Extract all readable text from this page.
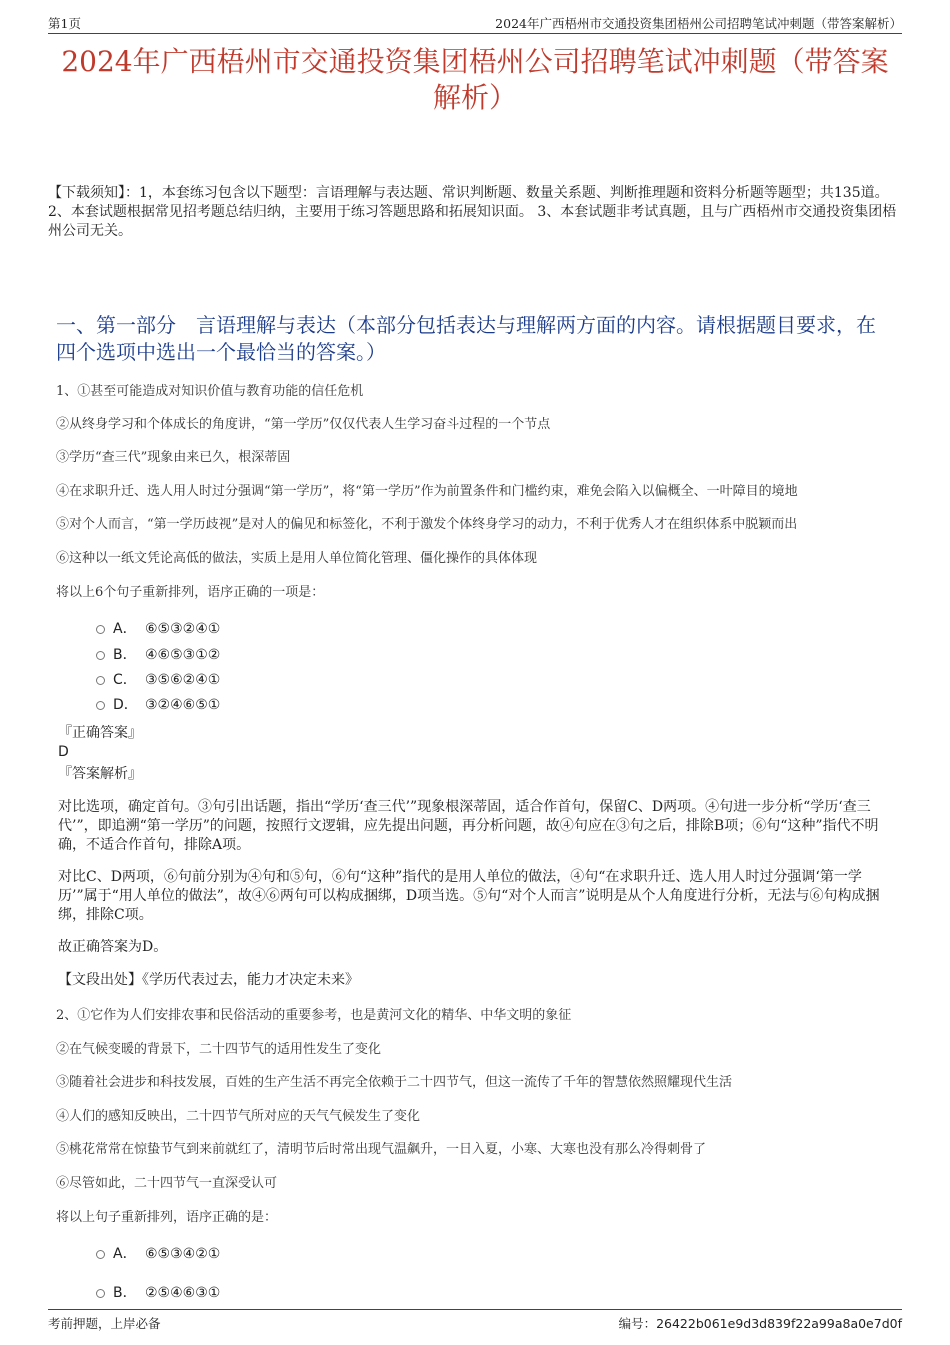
第1页	2024年广西梧州市交通投资集团梧州公司招聘笔试冲刺题（带答案解析）
2024年广西梧州市交通投资集团梧州公司招聘笔试冲刺题（带答案解析）
【下载须知】：1，本套练习包含以下题型：言语理解与表达题、常识判断题、数量关系题、判断推理题和资料分析题等题型；共135道。 2、本套试题根据常见招考题总结归纳，主要用于练习答题思路和拓展知识面。 3、本套试题非考试真题，且与广西梧州市交通投资集团梧州公司无关。
一、第一部分　言语理解与表达（本部分包括表达与理解两方面的内容。请根据题目要求，在四个选项中选出一个最恰当的答案。）
1、①甚至可能造成对知识价值与教育功能的信任危机
②从终身学习和个体成长的角度讲，“第一学历”仅仅代表人生学习奋斗过程的一个节点
③学历“查三代”现象由来已久，根深蒂固
④在求职升迁、选人用人时过分强调“第一学历”，将“第一学历”作为前置条件和门槛约束，难免会陷入以偏概全、一叶障目的境地
⑤对个人而言，“第一学历歧视”是对人的偏见和标签化，不利于激发个体终身学习的动力，不利于优秀人才在组织体系中脱颖而出
⑥这种以一纸文凭论高低的做法，实质上是用人单位简化管理、僵化操作的具体体现
将以上6个句子重新排列，语序正确的一项是：
A． ⑥⑤③②④①
B． ④⑥⑤③①②
C． ③⑤⑥②④①
D． ③②④⑥⑤①
『正确答案』
D
『答案解析』
对比选项，确定首句。③句引出话题，指出“学历‘查三代’”现象根深蒂固，适合作首句，保留C、D两项。④句进一步分析“学历‘查三代’”，即追溯“第一学历”的问题，按照行文逻辑，应先提出问题，再分析问题，故④句应在③句之后，排除B项；⑥句“这种”指代不明确，不适合作首句，排除A项。
对比C、D两项，⑥句前分别为④句和⑤句，⑥句“这种”指代的是用人单位的做法，④句“在求职升迁、选人用人时过分强调‘第一学历’”属于“用人单位的做法”，故④⑥两句可以构成捆绑，D项当选。⑤句“对个人而言”说明是从个人角度进行分析，无法与⑥句构成捆绑，排除C项。
故正确答案为D。
【文段出处】《学历代表过去，能力才决定未来》
2、①它作为人们安排农事和民俗活动的重要参考，也是黄河文化的精华、中华文明的象征
②在气候变暖的背景下，二十四节气的适用性发生了变化
③随着社会进步和科技发展，百姓的生产生活不再完全依赖于二十四节气，但这一流传了千年的智慧依然照耀现代生活
④人们的感知反映出，二十四节气所对应的天气气候发生了变化
⑤桃花常常在惊蛰节气到来前就红了，清明节后时常出现气温飙升，一日入夏，小寒、大寒也没有那么冷得刺骨了
⑥尽管如此，二十四节气一直深受认可
将以上句子重新排列，语序正确的是：
A． ⑥⑤③④②①
B． ②⑤④⑥③①
考前押题，上岸必备	编号：26422b061e9d3d839f22a99a8a0e7d0f
